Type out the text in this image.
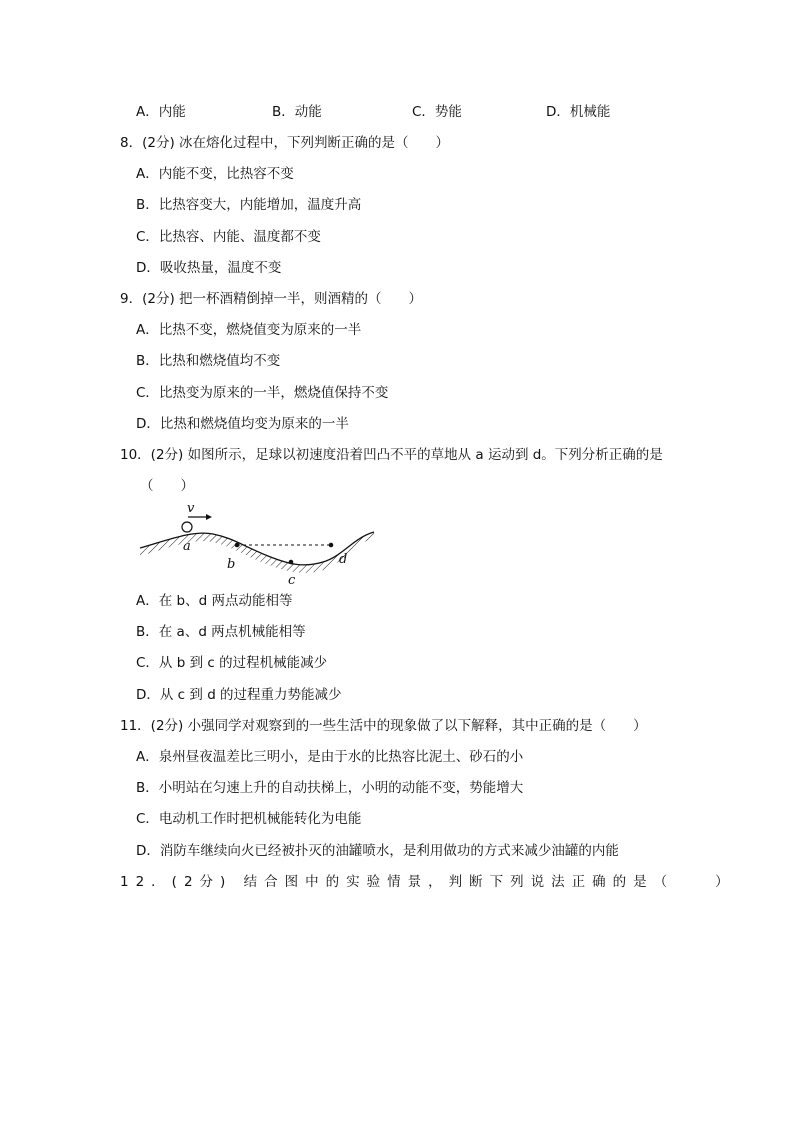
A．内能	B．动能	C．势能	D．机械能
8．(2分) 冰在熔化过程中，下列判断正确的是（　　）
A．内能不变，比热容不变
B．比热容变大，内能增加，温度升高
C．比热容、内能、温度都不变
D．吸收热量，温度不变
9．(2分) 把一杯酒精倒掉一半，则酒精的（　　）
A．比热不变，燃烧值变为原来的一半
B．比热和燃烧值均不变
C．比热变为原来的一半，燃烧值保持不变
D．比热和燃烧值均变为原来的一半
10．(2分) 如图所示，足球以初速度沿着凹凸不平的草地从 a 运动到 d。下列分析正确的是
（　　）
v
a
b
c
d
A．在 b、d 两点动能相等
B．在 a、d 两点机械能相等
C．从 b 到 c 的过程机械能减少
D．从 c 到 d 的过程重力势能减少
11．(2分) 小强同学对观察到的一些生活中的现象做了以下解释，其中正确的是（　　）
A．泉州昼夜温差比三明小，是由于水的比热容比泥土、砂石的小
B．小明站在匀速上升的自动扶梯上，小明的动能不变，势能增大
C．电动机工作时把机械能转化为电能
D．消防车继续向火已经被扑灭的油罐喷水，是利用做功的方式来减少油罐的内能
12．(2分) 结合图中的实验情景，判断下列说法正确的是（　　）
